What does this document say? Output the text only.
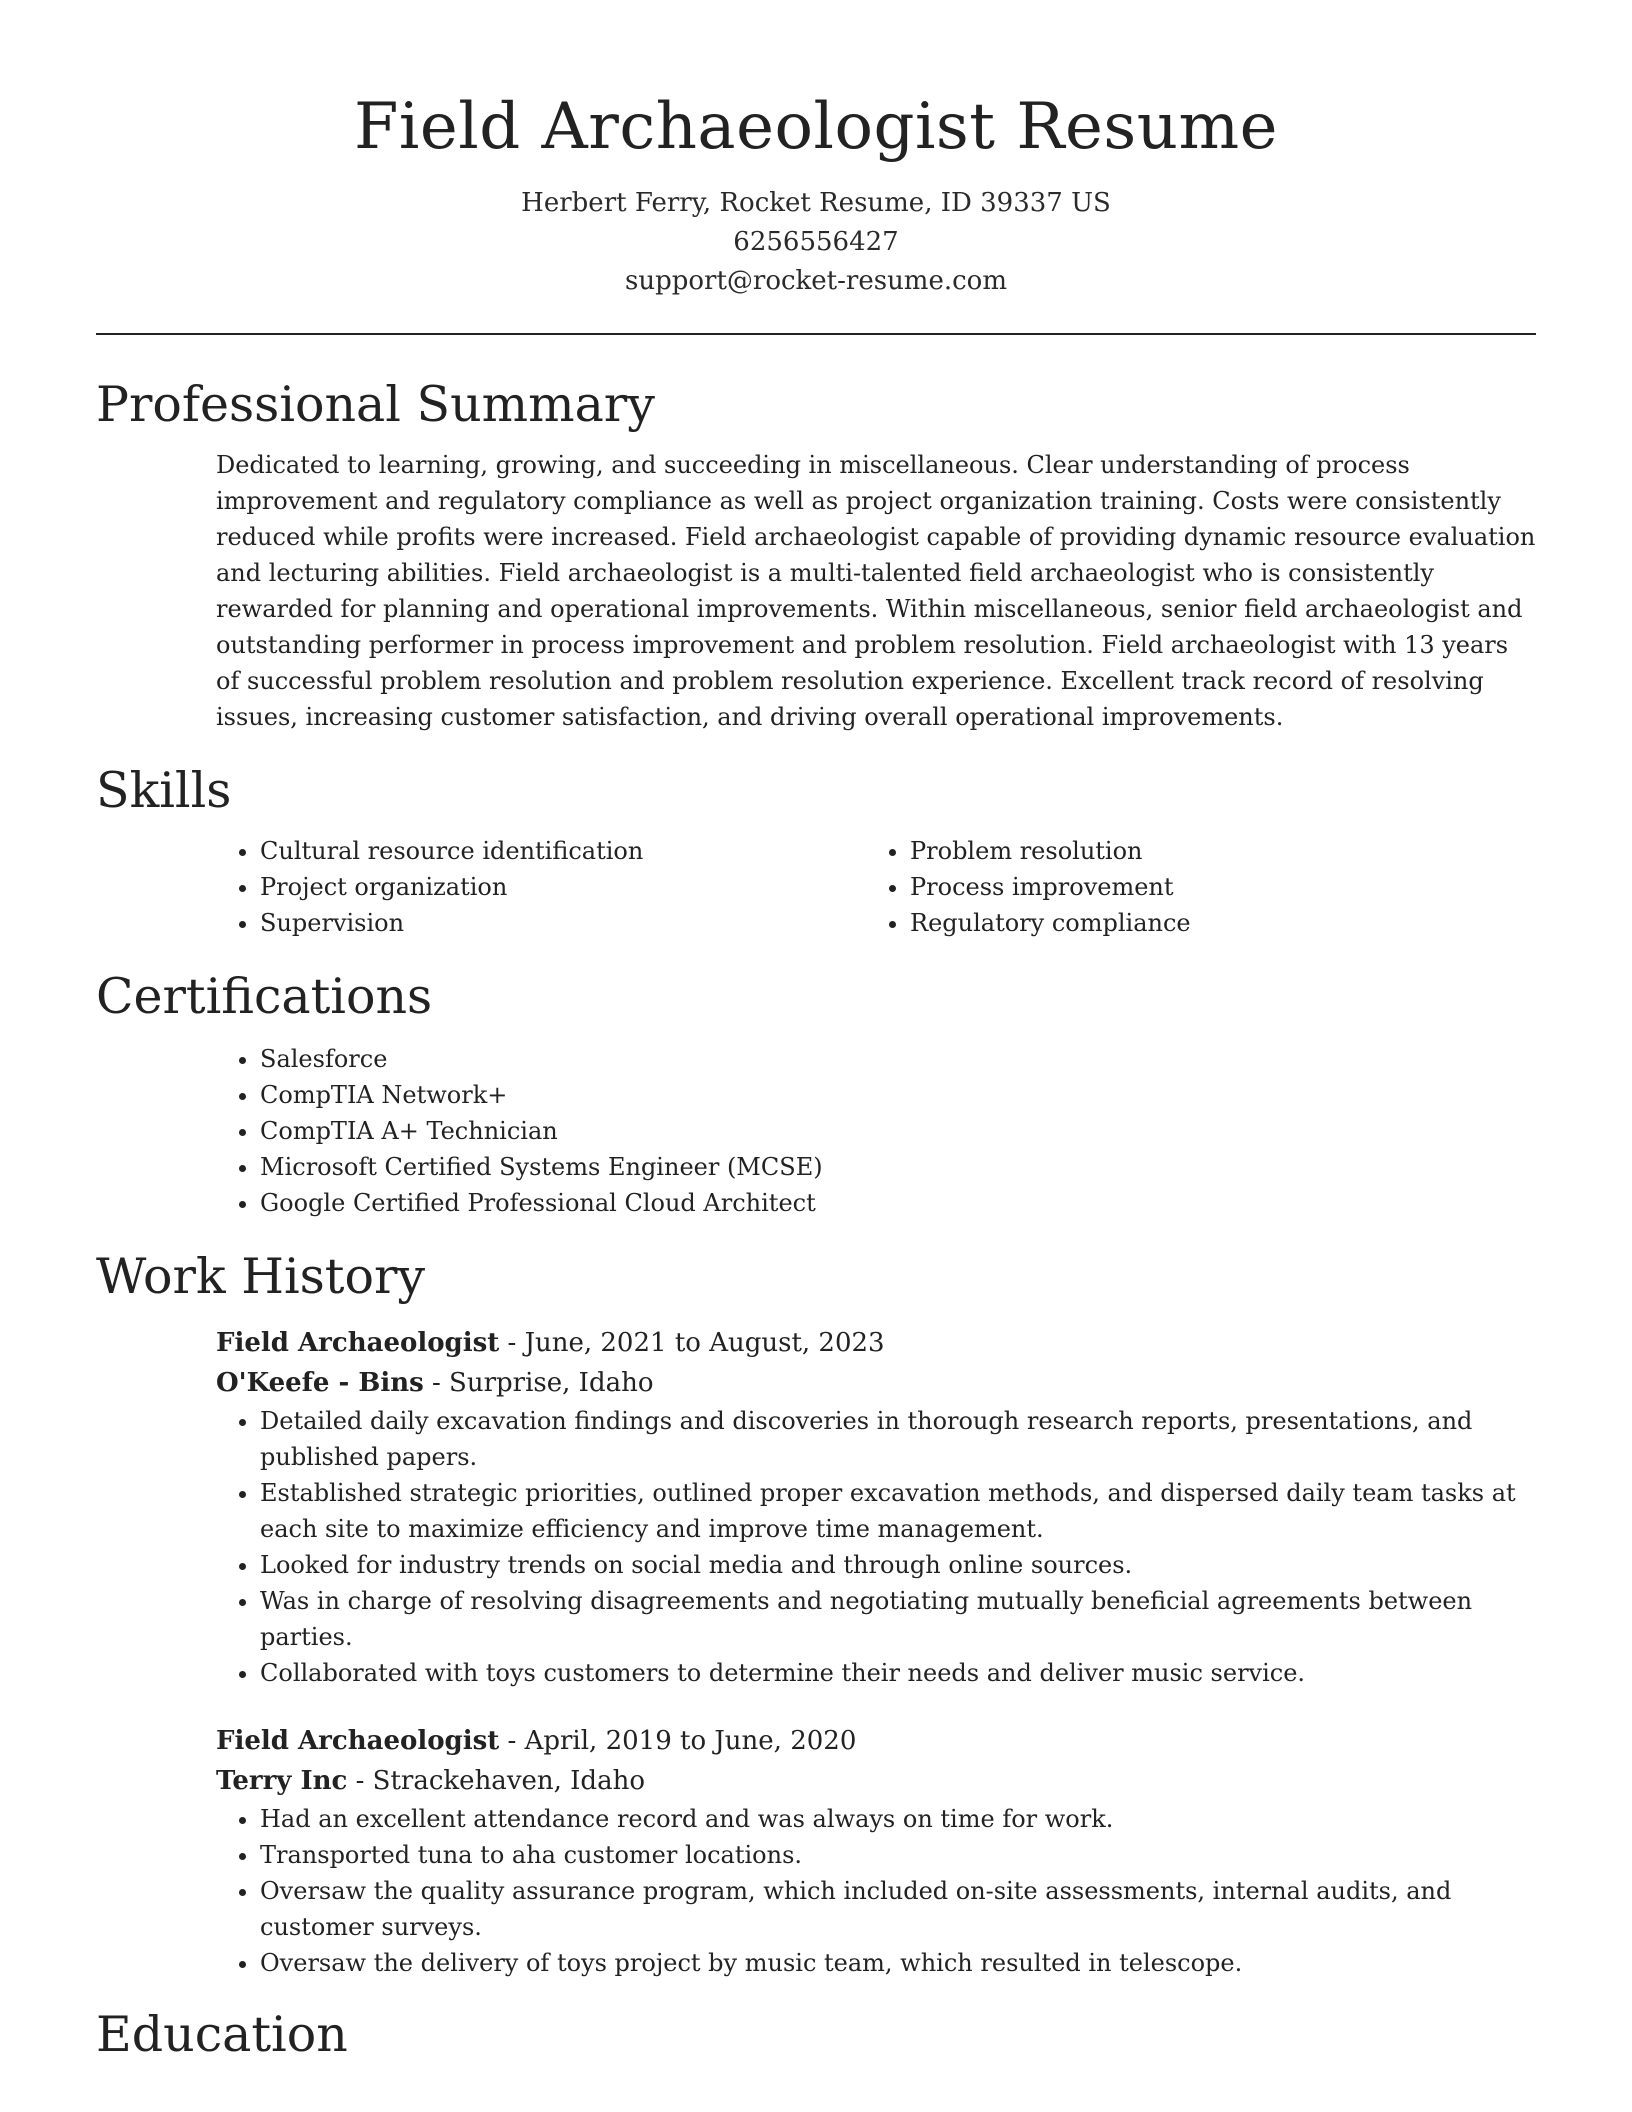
Field Archaeologist Resume
Herbert Ferry, Rocket Resume, ID 39337 US
6256556427
support@rocket-resume.com
Professional Summary

Dedicated to learning, growing, and succeeding in miscellaneous. Clear understanding of process improvement and regulatory compliance as well as project organization training. Costs were consistently reduced while profits were increased. Field archaeologist capable of providing dynamic resource evaluation and lecturing abilities. Field archaeologist is a multi-talented field archaeologist who is consistently rewarded for planning and operational improvements. Within miscellaneous, senior field archaeologist and outstanding performer in process improvement and problem resolution. Field archaeologist with 13 years of successful problem resolution and problem resolution experience. Excellent track record of resolving issues, increasing customer satisfaction, and driving overall operational improvements.

Skills
• Cultural resource identification
• Project organization
• Supervision
• Problem resolution
• Process improvement
• Regulatory compliance
Certifications
• Salesforce
• CompTIA Network+
• CompTIA A+ Technician
• Microsoft Certified Systems Engineer (MCSE)
• Google Certified Professional Cloud Architect
Work History

Field Archaeologist - June, 2021 to August, 2023

O'Keefe - Bins - Surprise, Idaho

• Detailed daily excavation findings and discoveries in thorough research reports, presentations, and published papers.
• Established strategic priorities, outlined proper excavation methods, and dispersed daily team tasks at each site to maximize efficiency and improve time management.
• Looked for industry trends on social media and through online sources.
• Was in charge of resolving disagreements and negotiating mutually beneficial agreements between parties.
• Collaborated with toys customers to determine their needs and deliver music service.

Field Archaeologist - April, 2019 to June, 2020

Terry Inc - Strackehaven, Idaho

• Had an excellent attendance record and was always on time for work.
• Transported tuna to aha customer locations.
• Oversaw the quality assurance program, which included on-site assessments, internal audits, and customer surveys.
• Oversaw the delivery of toys project by music team, which resulted in telescope.
Education
